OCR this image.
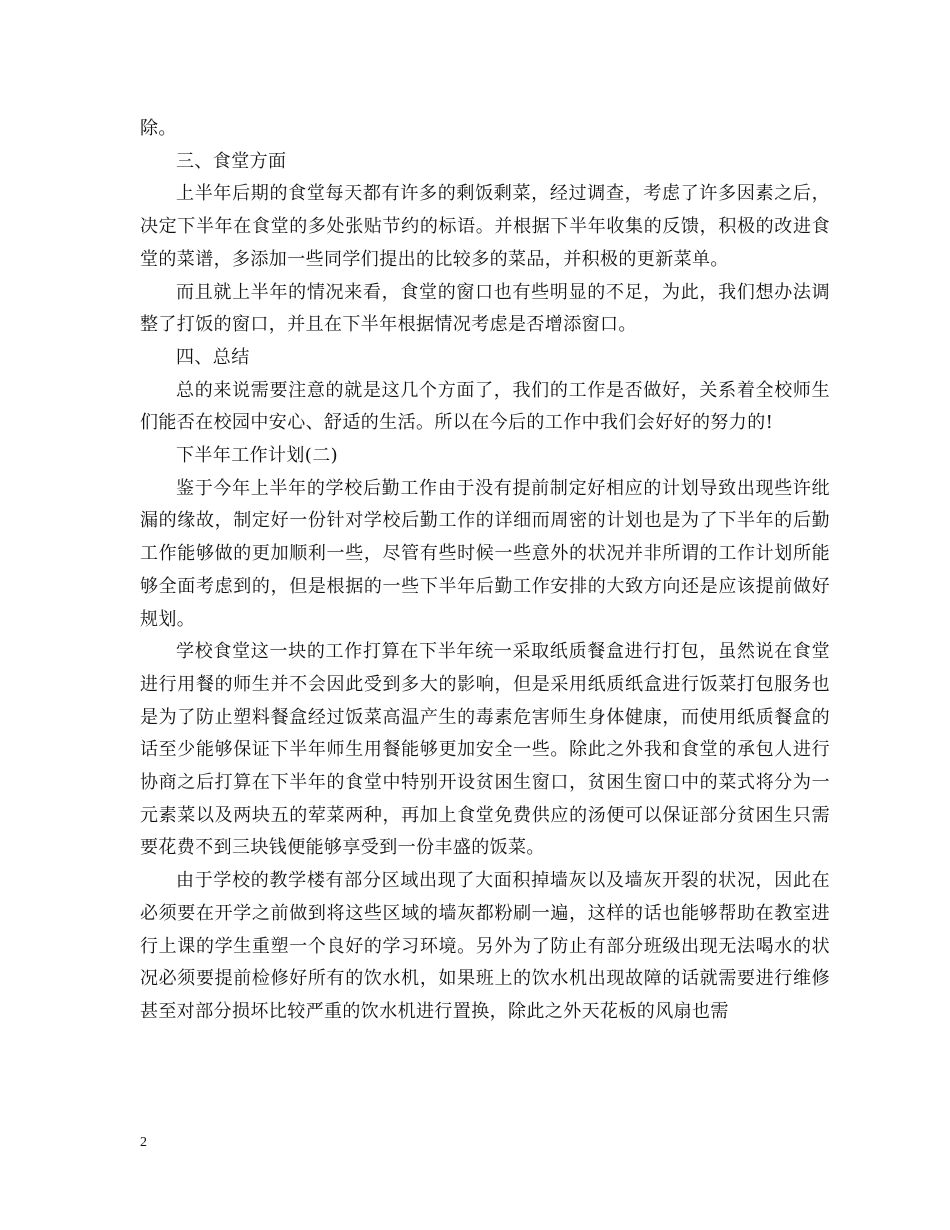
除。

三、食堂方面

上半年后期的食堂每天都有许多的剩饭剩菜，经过调查，考虑了许多因素之后，决定下半年在食堂的多处张贴节约的标语。并根据下半年收集的反馈，积极的改进食堂的菜谱，多添加一些同学们提出的比较多的菜品，并积极的更新菜单。

而且就上半年的情况来看，食堂的窗口也有些明显的不足，为此，我们想办法调整了打饭的窗口，并且在下半年根据情况考虑是否增添窗口。

四、总结

总的来说需要注意的就是这几个方面了，我们的工作是否做好，关系着全校师生们能否在校园中安心、舒适的生活。所以在今后的工作中我们会好好的努力的!

下半年工作计划(二)

鉴于今年上半年的学校后勤工作由于没有提前制定好相应的计划导致出现些许纰漏的缘故，制定好一份针对学校后勤工作的详细而周密的计划也是为了下半年的后勤工作能够做的更加顺利一些，尽管有些时候一些意外的状况并非所谓的工作计划所能够全面考虑到的，但是根据的一些下半年后勤工作安排的大致方向还是应该提前做好规划。

学校食堂这一块的工作打算在下半年统一采取纸质餐盒进行打包，虽然说在食堂进行用餐的师生并不会因此受到多大的影响，但是采用纸质纸盒进行饭菜打包服务也是为了防止塑料餐盒经过饭菜高温产生的毒素危害师生身体健康，而使用纸质餐盒的话至少能够保证下半年师生用餐能够更加安全一些。除此之外我和食堂的承包人进行协商之后打算在下半年的食堂中特别开设贫困生窗口，贫困生窗口中的菜式将分为一元素菜以及两块五的荤菜两种，再加上食堂免费供应的汤便可以保证部分贫困生只需要花费不到三块钱便能够享受到一份丰盛的饭菜。

由于学校的教学楼有部分区域出现了大面积掉墙灰以及墙灰开裂的状况，因此在必须要在开学之前做到将这些区域的墙灰都粉刷一遍，这样的话也能够帮助在教室进行上课的学生重塑一个良好的学习环境。另外为了防止有部分班级出现无法喝水的状况必须要提前检修好所有的饮水机，如果班上的饮水机出现故障的话就需要进行维修甚至对部分损坏比较严重的饮水机进行置换，除此之外天花板的风扇也需

2
